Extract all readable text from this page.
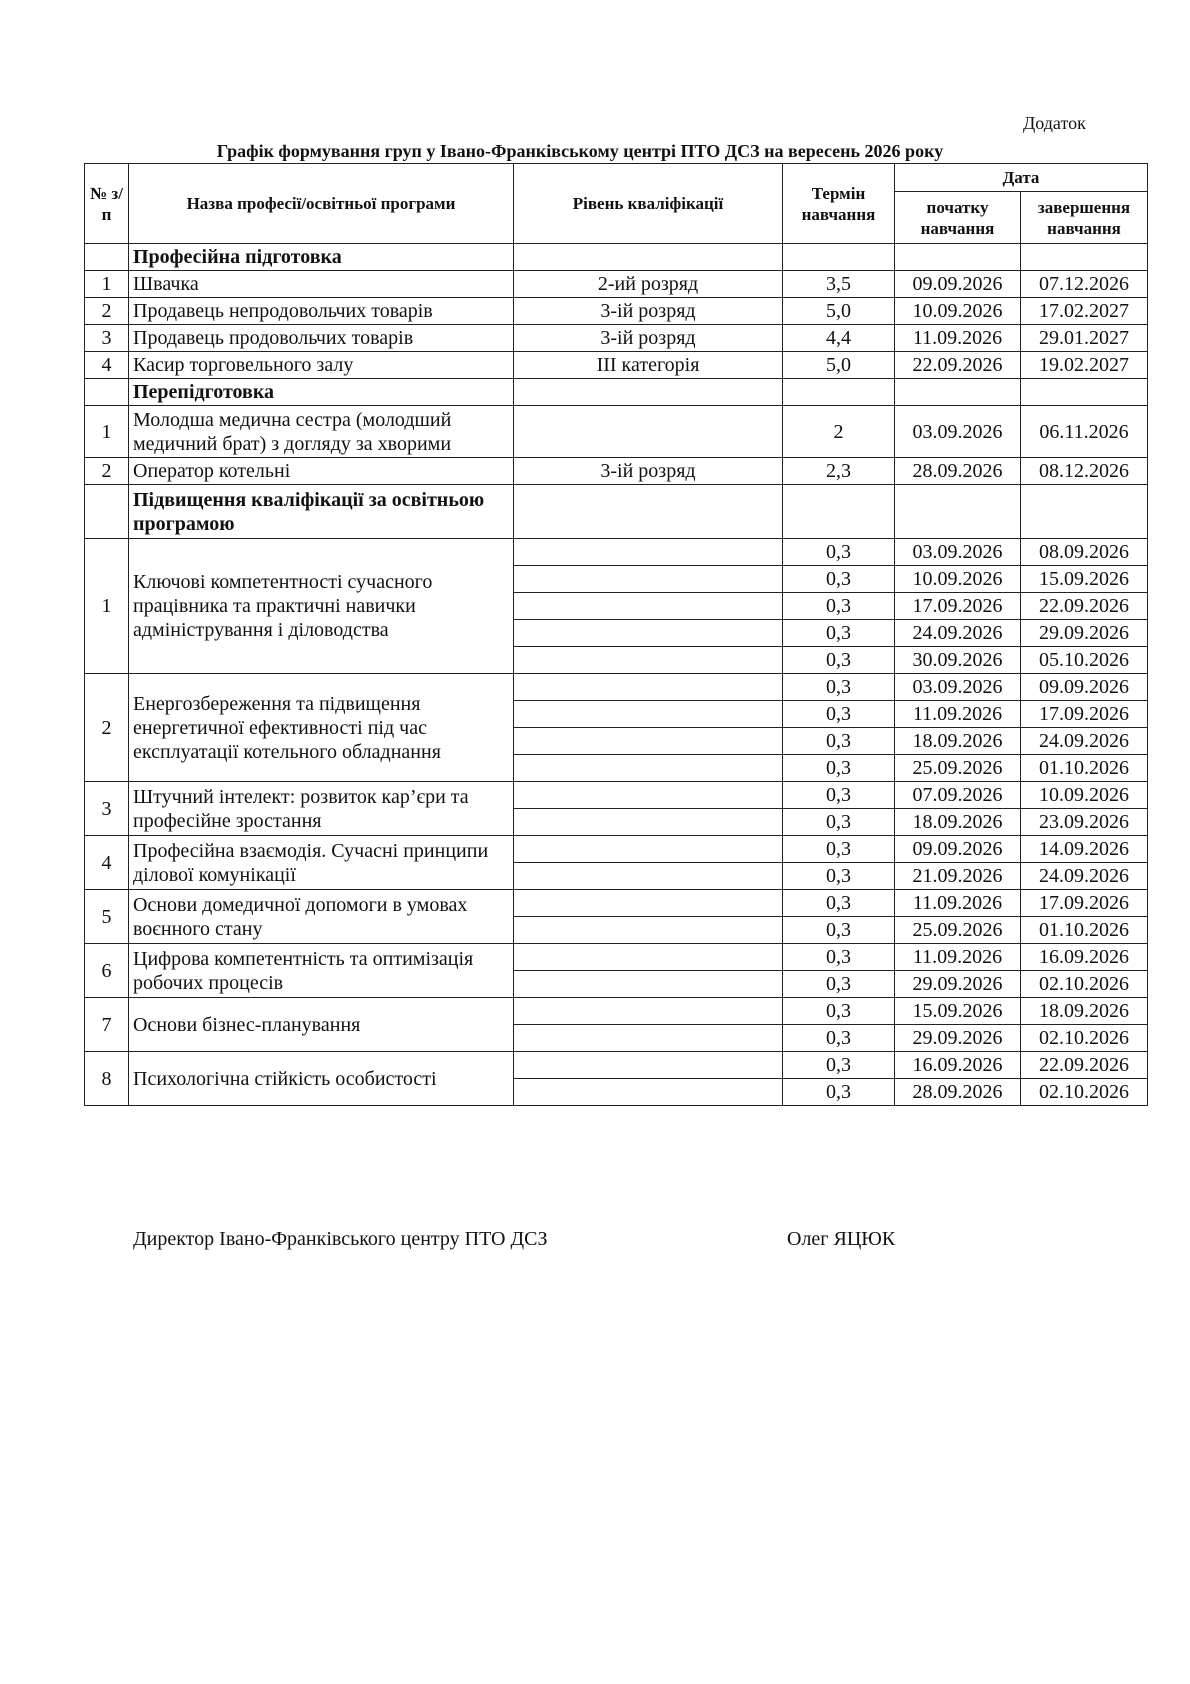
Додаток
Графік формування груп у Івано-Франківському центрі ПТО ДСЗ на вересень 2026 року
№ з/п	Назва професії/освітньої програми	Рівень кваліфікації	Термін навчання	Дата	
				початку навчання	завершення навчання
	Професійна підготовка				
1	Швачка	2-ий розряд	3,5	09.09.2026	07.12.2026
2	Продавець непродовольчих товарів	3-ій розряд	5,0	10.09.2026	17.02.2027
3	Продавець продовольчих товарів	3-ій розряд	4,4	11.09.2026	29.01.2027
4	Касир торговельного залу	ІІІ категорія	5,0	22.09.2026	19.02.2027
	Перепідготовка				
1	Молодша медична сестра (молодший медичний брат) з догляду за хворими		2	03.09.2026	06.11.2026
2	Оператор котельні	3-ій розряд	2,3	28.09.2026	08.12.2026
	Підвищення кваліфікації за освітньою програмою				
1	Ключові компетентності сучасного працівника та практичні навички адміністрування і діловодства		0,3	03.09.2026	08.09.2026
			0,3	10.09.2026	15.09.2026
			0,3	17.09.2026	22.09.2026
			0,3	24.09.2026	29.09.2026
			0,3	30.09.2026	05.10.2026
2	Енергозбереження та підвищення енергетичної ефективності під час експлуатації котельного обладнання		0,3	03.09.2026	09.09.2026
			0,3	11.09.2026	17.09.2026
			0,3	18.09.2026	24.09.2026
			0,3	25.09.2026	01.10.2026
3	Штучний інтелект: розвиток кар’єри та професійне зростання		0,3	07.09.2026	10.09.2026
			0,3	18.09.2026	23.09.2026
4	Професійна взаємодія. Сучасні принципи ділової комунікації		0,3	09.09.2026	14.09.2026
			0,3	21.09.2026	24.09.2026
5	Основи домедичної допомоги в умовах воєнного стану		0,3	11.09.2026	17.09.2026
			0,3	25.09.2026	01.10.2026
6	Цифрова компетентність та оптимізація робочих процесів		0,3	11.09.2026	16.09.2026
			0,3	29.09.2026	02.10.2026
7	Основи бізнес-планування		0,3	15.09.2026	18.09.2026
			0,3	29.09.2026	02.10.2026
8	Психологічна стійкість особистості		0,3	16.09.2026	22.09.2026
			0,3	28.09.2026	02.10.2026
Директор Івано-Франківського центру ПТО ДСЗ	Олег ЯЦЮК
